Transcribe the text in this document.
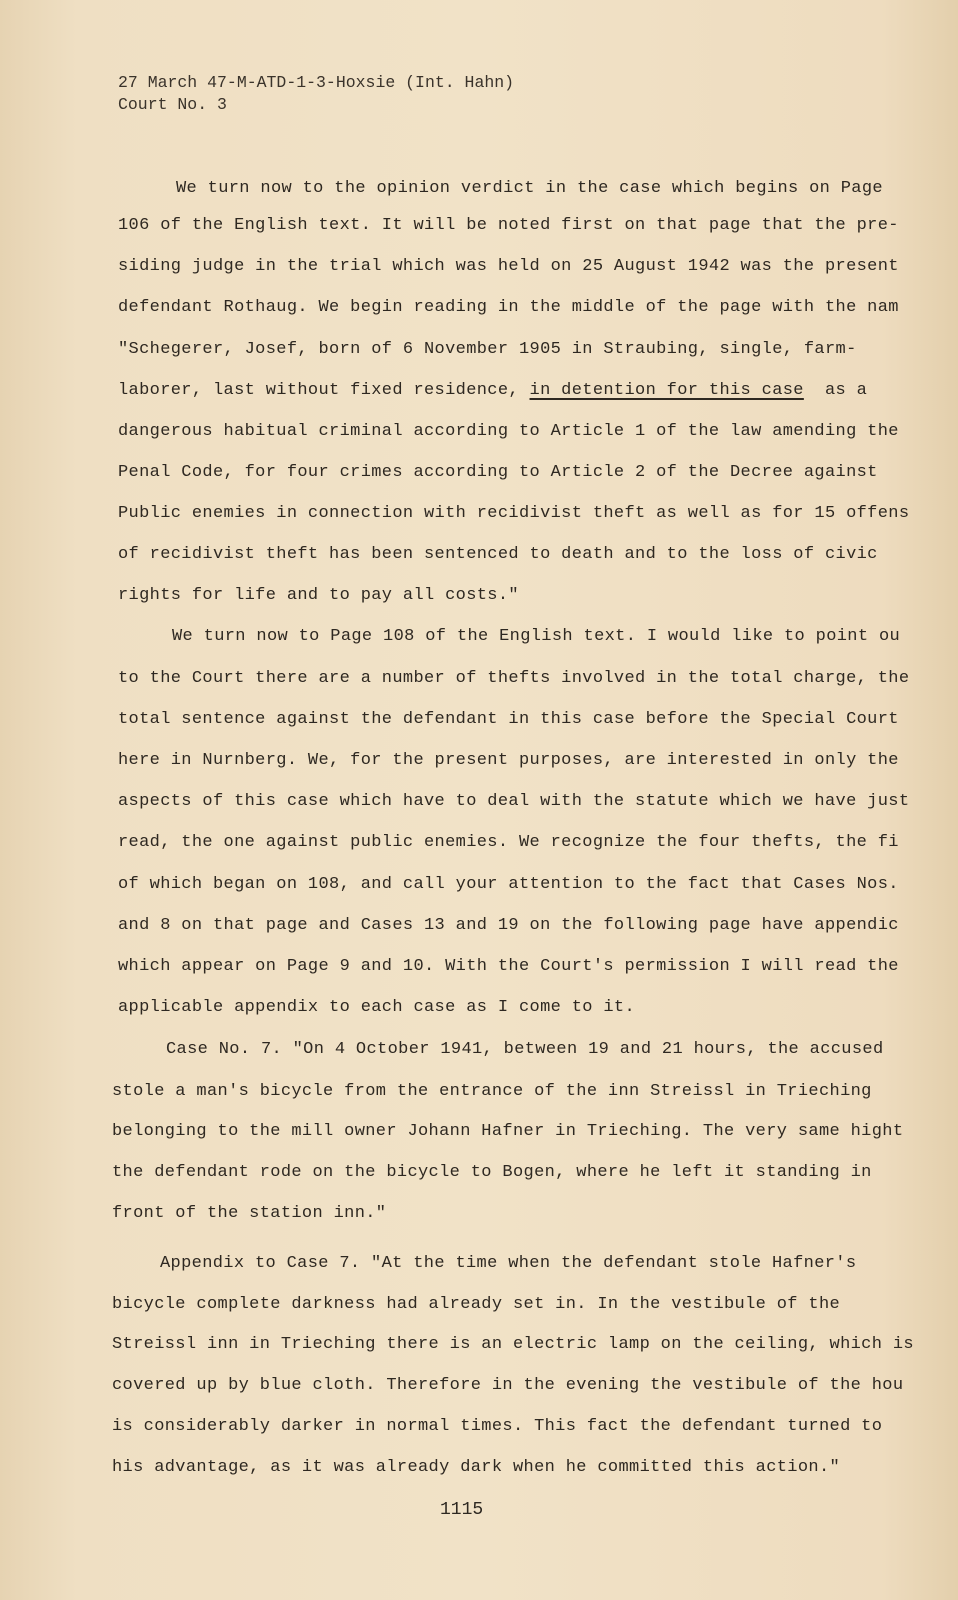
27 March 47-M-ATD-1-3-Hoxsie (Int. Hahn)
Court No. 3
We turn now to the opinion verdict in the case which begins on Page
106 of the English text. It will be noted first on that page that the pre-
siding judge in the trial which was held on 25 August 1942 was the present
defendant Rothaug. We begin reading in the middle of the page with the nam
"Schegerer, Josef, born of 6 November 1905 in Straubing, single, farm-
laborer, last without fixed residence, in detention for this case  as a
dangerous habitual criminal according to Article 1 of the law amending the
Penal Code, for four crimes according to Article 2 of the Decree against
Public enemies in connection with recidivist theft as well as for 15 offens
of recidivist theft has been sentenced to death and to the loss of civic
rights for life and to pay all costs."
We turn now to Page 108 of the English text. I would like to point ou
to the Court there are a number of thefts involved in the total charge, the
total sentence against the defendant in this case before the Special Court
here in Nurnberg. We, for the present purposes, are interested in only the
aspects of this case which have to deal with the statute which we have just
read, the one against public enemies. We recognize the four thefts, the fi
of which began on 108, and call your attention to the fact that Cases Nos.
and 8 on that page and Cases 13 and 19 on the following page have appendic
which appear on Page 9 and 10. With the Court's permission I will read the
applicable appendix to each case as I come to it.
Case No. 7. "On 4 October 1941, between 19 and 21 hours, the accused
stole a man's bicycle from the entrance of the inn Streissl in Trieching
belonging to the mill owner Johann Hafner in Trieching. The very same hight
the defendant rode on the bicycle to Bogen, where he left it standing in
front of the station inn."
Appendix to Case 7. "At the time when the defendant stole Hafner's
bicycle complete darkness had already set in. In the vestibule of the
Streissl inn in Trieching there is an electric lamp on the ceiling, which is
covered up by blue cloth. Therefore in the evening the vestibule of the hou
is considerably darker in normal times. This fact the defendant turned to
his advantage, as it was already dark when he committed this action."
1115
